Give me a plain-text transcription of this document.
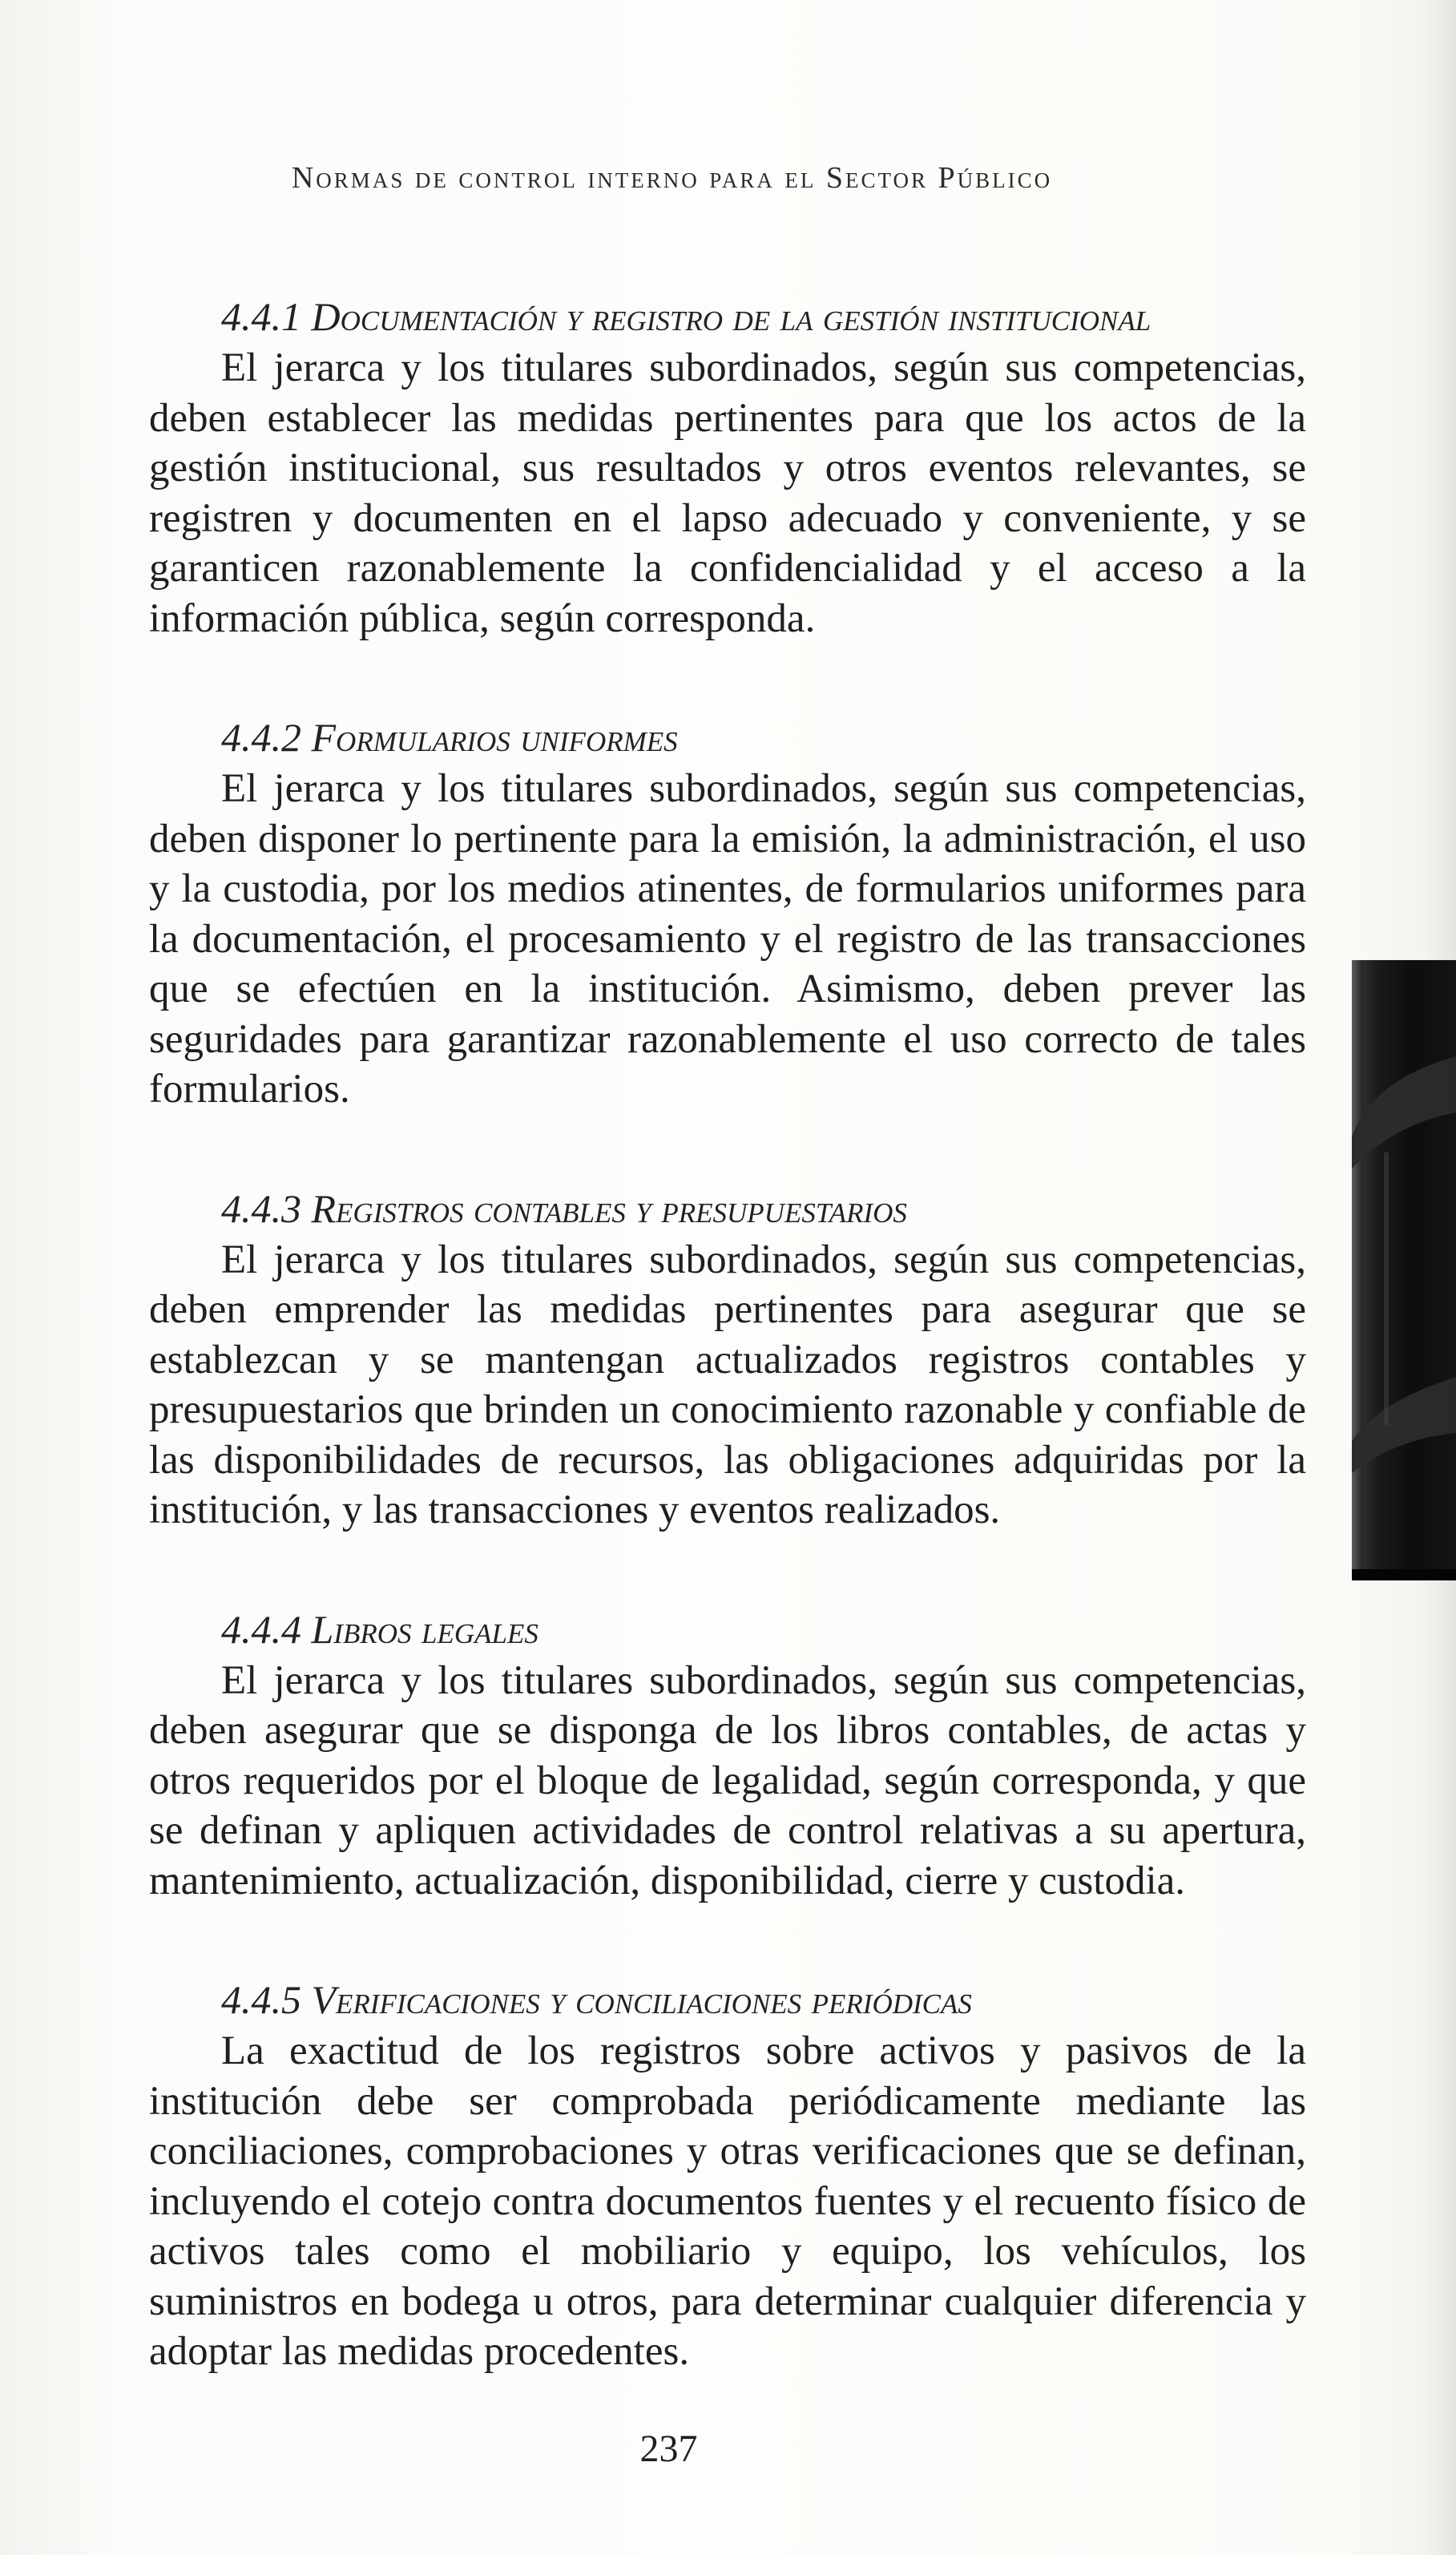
Normas de control interno para el Sector Público
4.4.1 Documentación y registro de la gestión institucional

El jerarca y los titulares subordinados, según sus competencias, deben establecer las medidas pertinentes para que los actos de la gestión institucional, sus resultados y otros eventos relevantes, se registren y documenten en el lapso adecuado y conveniente, y se garanticen razonablemente la confidencialidad y el acceso a la información pública, según corresponda.

4.4.2 Formularios uniformes

El jerarca y los titulares subordinados, según sus competencias, deben disponer lo pertinente para la emisión, la administración, el uso y la custodia, por los medios atinentes, de formularios uniformes para la documentación, el procesamiento y el registro de las transacciones que se efectúen en la institución. Asimismo, deben prever las seguridades para garantizar razonablemente el uso correcto de tales formularios.

4.4.3 Registros contables y presupuestarios

El jerarca y los titulares subordinados, según sus competencias, deben emprender las medidas pertinentes para asegurar que se establezcan y se mantengan actualizados registros contables y presupuestarios que brinden un conocimiento razonable y confiable de las disponibilidades de recursos, las obligaciones adquiridas por la institución, y las transacciones y eventos realizados.

4.4.4 Libros legales

El jerarca y los titulares subordinados, según sus competencias, deben asegurar que se disponga de los libros contables, de actas y otros requeridos por el bloque de legalidad, según corresponda, y que se definan y apliquen actividades de control relativas a su apertura, mantenimiento, actualización, disponibilidad, cierre y custodia.

4.4.5 Verificaciones y conciliaciones periódicas

La exactitud de los registros sobre activos y pasivos de la institución debe ser comprobada periódicamente mediante las conciliaciones, comprobaciones y otras verificaciones que se definan, incluyendo el cotejo contra documentos fuentes y el recuento físico de activos tales como el mobiliario y equipo, los vehículos, los suministros en bodega u otros, para determinar cualquier diferencia y adoptar las medidas procedentes.

237
